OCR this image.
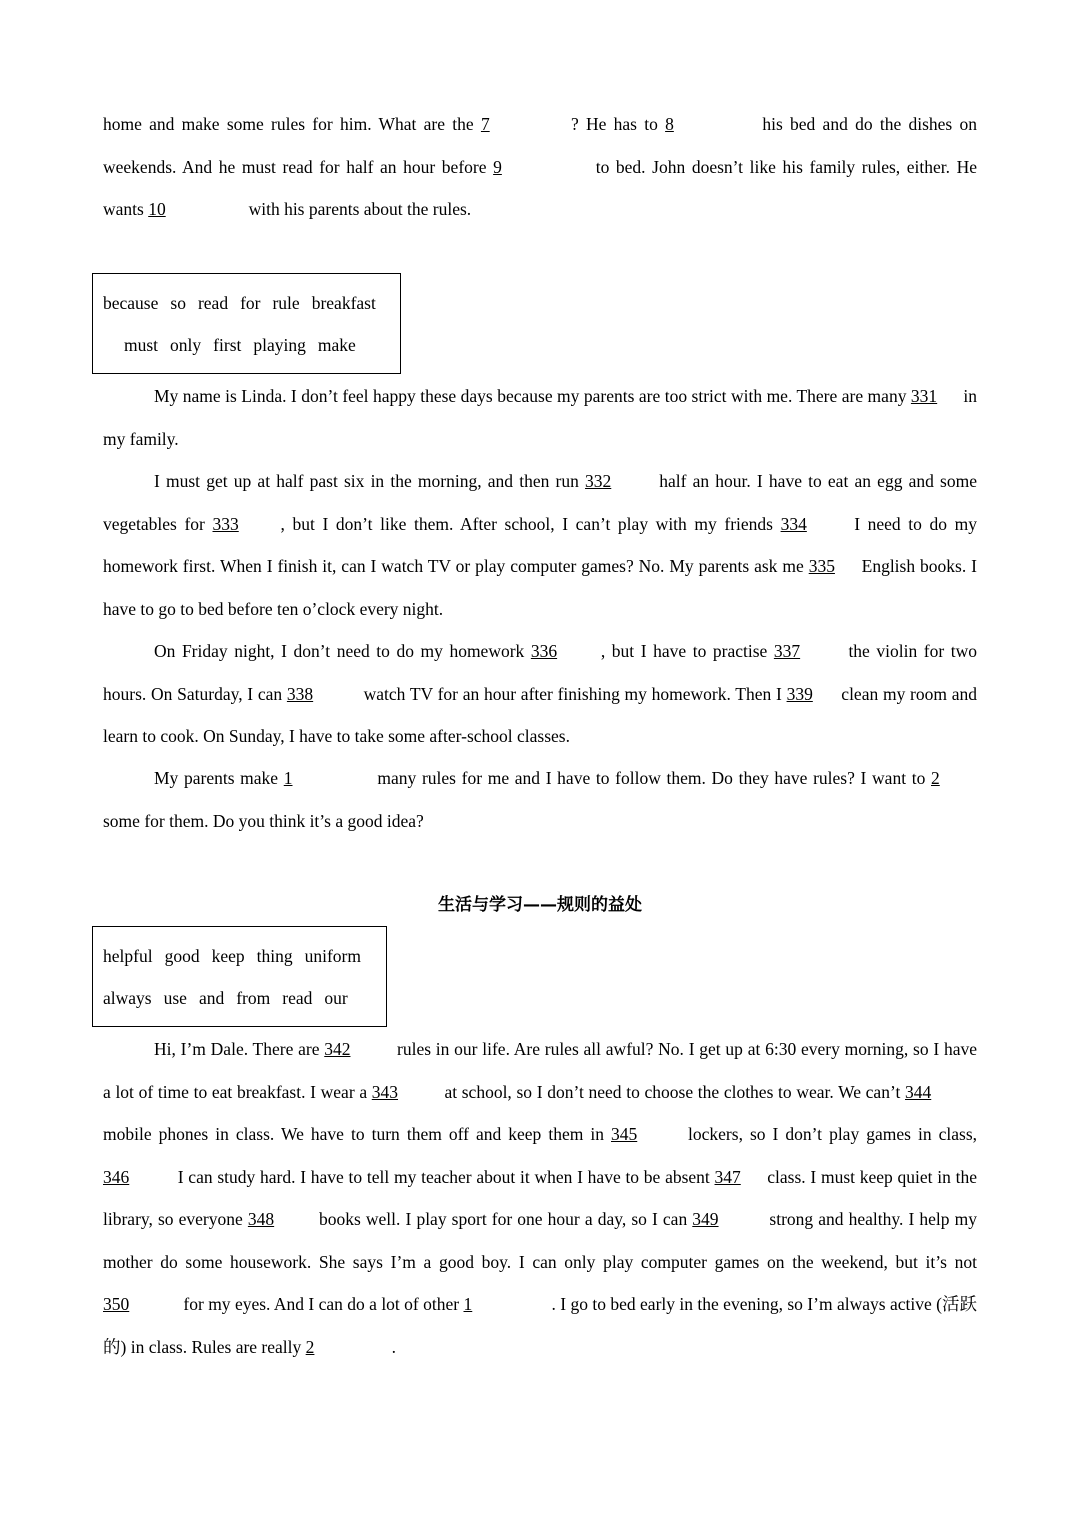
home and make some rules for him. What are the 7	? He has to 8	his bed and do the dishes on weekends. And he must read for half an hour before 9	to bed. John doesn’t like his family rules, either. He wants 10	with his parents about the rules.

because so read for rule breakfast
must only first playing make

My name is Linda. I don’t feel happy these days because my parents are too strict with me. There are many 331 in my family.

I must get up at half past six in the morning, and then run 332 half an hour. I have to eat an egg and some vegetables for 333 , but I don’t like them. After school, I can’t play with my friends 334 I need to do my homework first. When I finish it, can I watch TV or play computer games? No. My parents ask me 335 English books. I have to go to bed before ten o’clock every night.

On Friday night, I don’t need to do my homework 336	, but I have to practise 337 the violin for two hours. On Saturday, I can 338	watch TV for an hour after finishing my homework. Then I 339 clean my room and learn to cook. On Sunday, I have to take some after-school classes.

My parents make 1	many rules for me and I have to follow them. Do they have rules? I want to 2 some for them. Do you think it’s a good idea?

生活与学习——规则的益处
helpful good keep thing uniform
always use and from read our

Hi, I’m Dale. There are 342 rules in our life. Are rules all awful? No. I get up at 6:30 every morning, so I have a lot of time to eat breakfast. I wear a 343 at school, so I don’t need to choose the clothes to wear. We can’t 344 mobile phones in class. We have to turn them off and keep them in 345	lockers, so I don’t play games in class, 346	I can study hard. I have to tell my teacher about it when I have to be absent 347 class. I must keep quiet in the library, so everyone 348 books well. I play sport for one hour a day, so I can 349	strong and healthy. I help my mother do some housework. She says I’m a good boy. I can only play computer games on the weekend, but it’s not 350	for my eyes. And I can do a lot of other 1	. I go to bed early in the evening, so I’m always active (活跃的) in class. Rules are really 2	.
